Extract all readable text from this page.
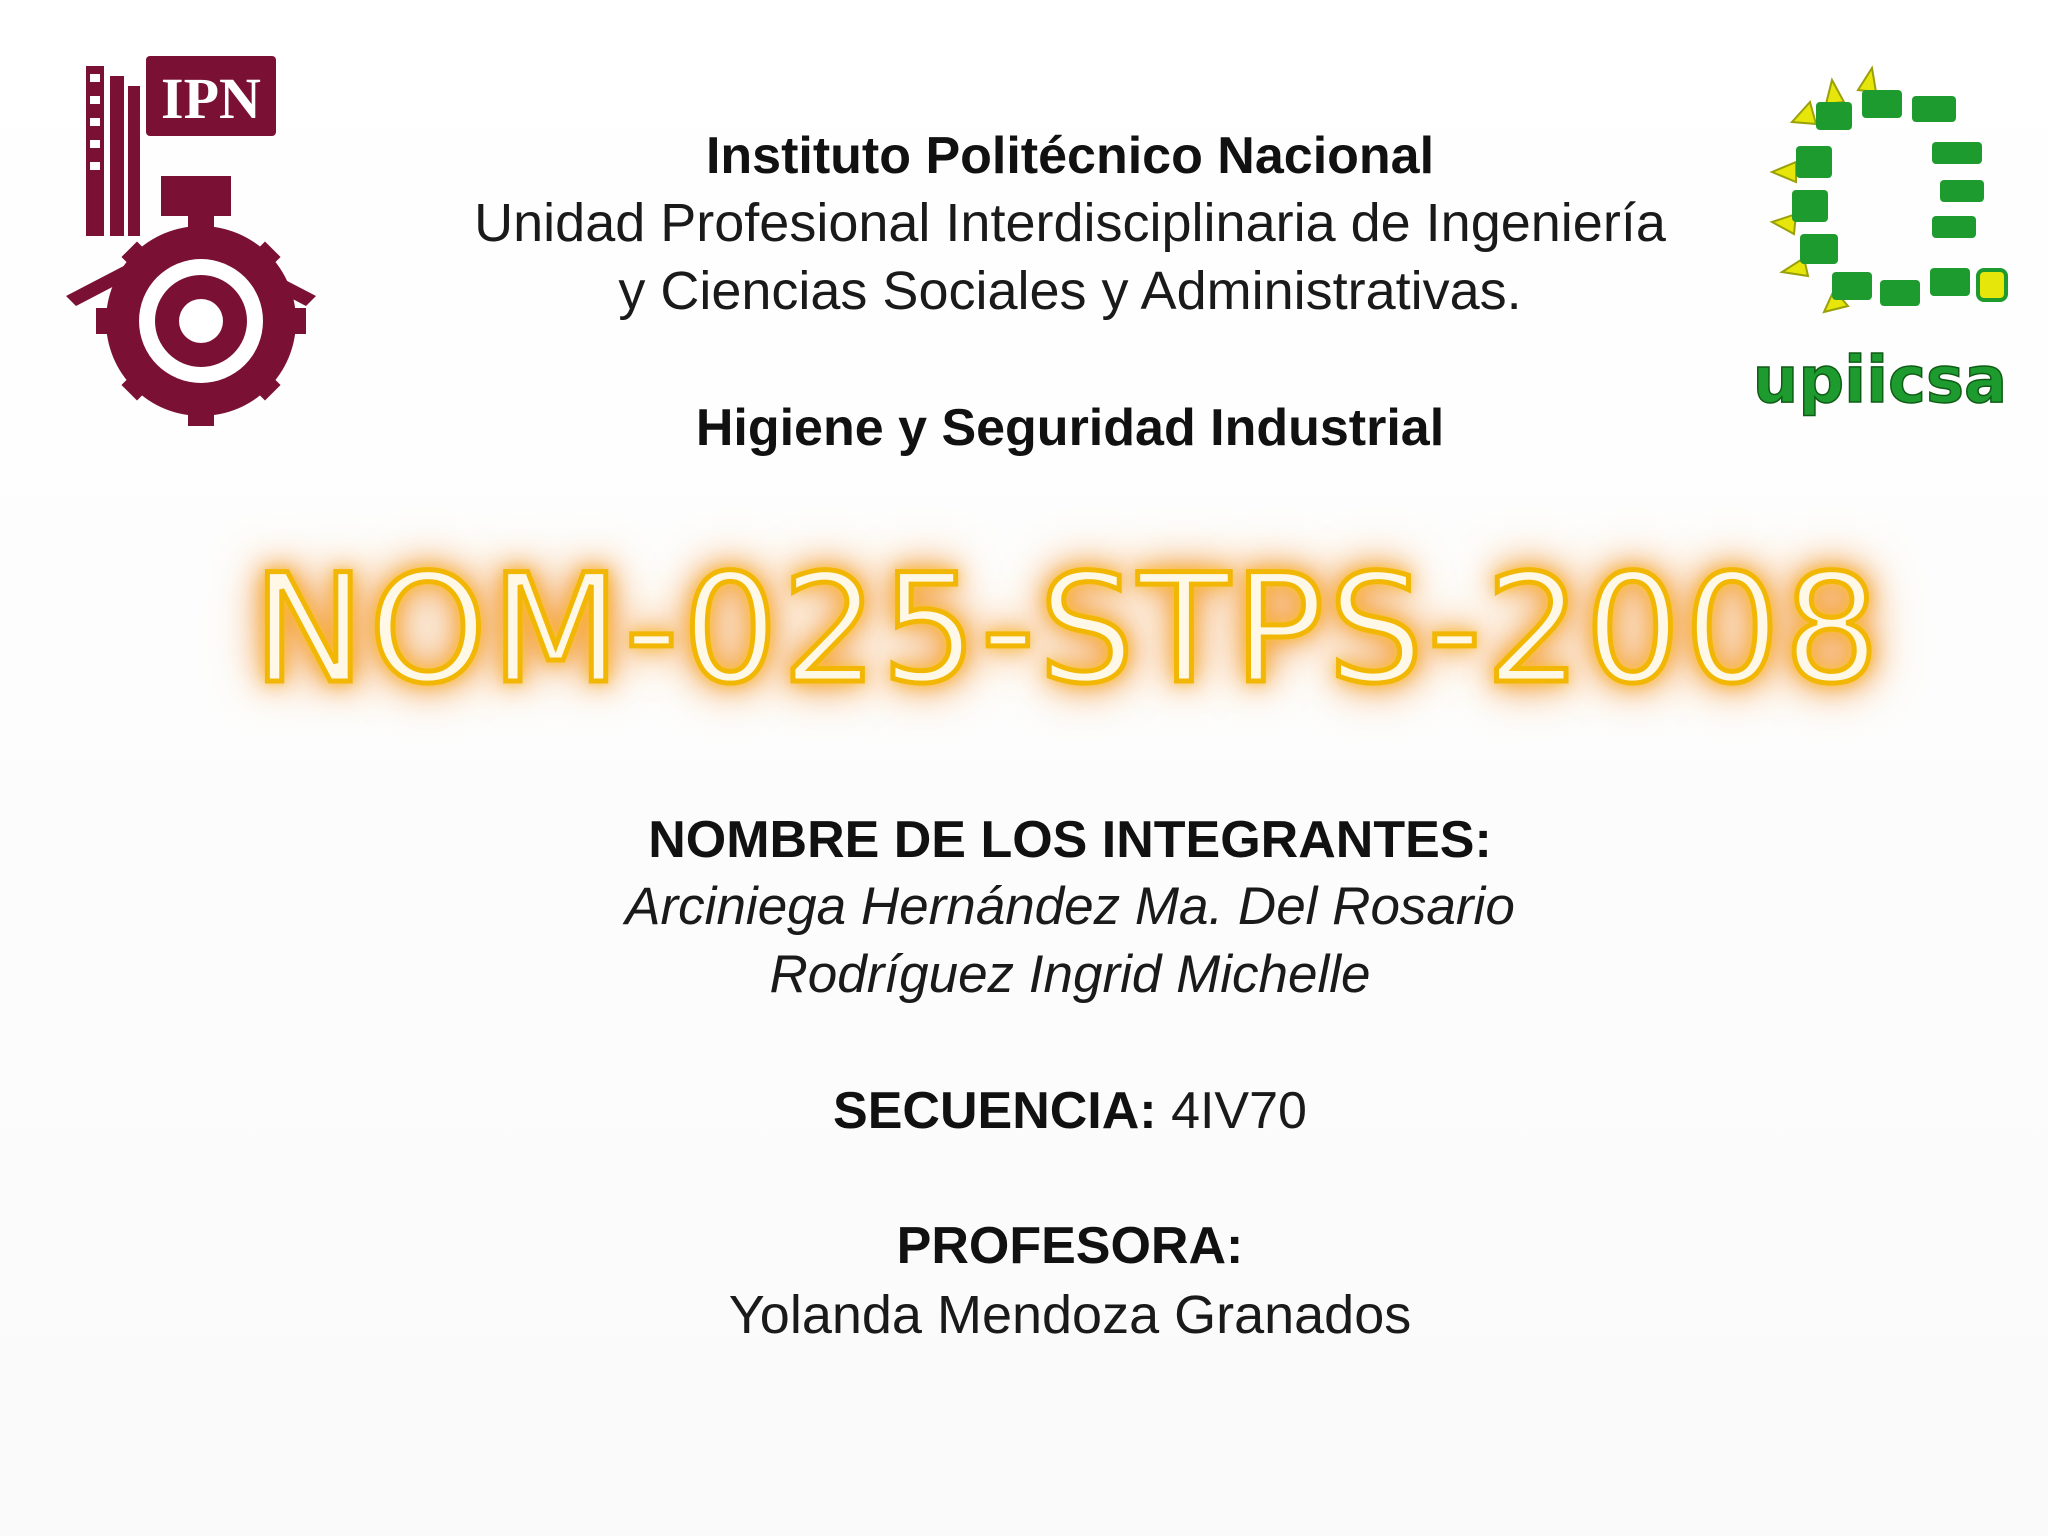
IPN
upiicsa
Instituto Politécnico Nacional
Unidad Profesional Interdisciplinaria de Ingeniería
y Ciencias Sociales y Administrativas.
Higiene y Seguridad Industrial
NOM-025-STPS-2008
NOMBRE DE LOS INTEGRANTES:
Arciniega Hernández Ma. Del Rosario
Rodríguez Ingrid Michelle
SECUENCIA: 4IV70
PROFESORA:
Yolanda Mendoza Granados
